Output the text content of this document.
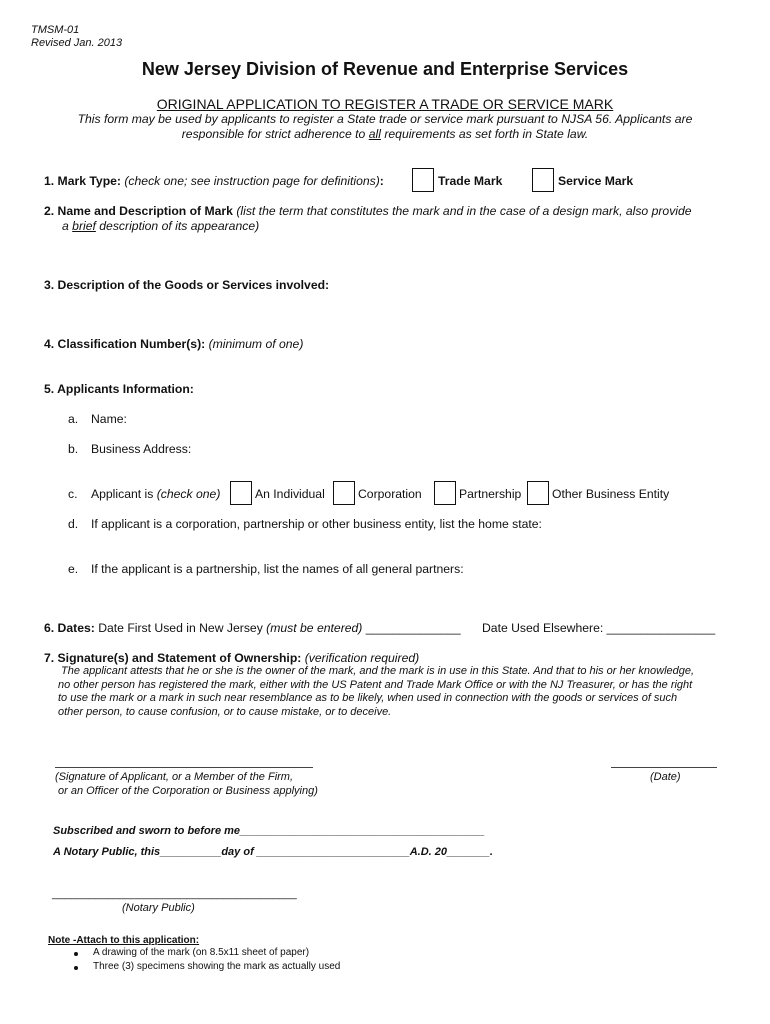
TMSM-01
Revised Jan. 2013
New Jersey Division of Revenue and Enterprise Services
ORIGINAL APPLICATION TO REGISTER A TRADE OR SERVICE MARK
This form may be used by applicants to register a State trade or service mark pursuant to NJSA 56. Applicants are
responsible for strict adherence to all requirements as set forth in State law.
1. Mark Type: (check one; see instruction page for definitions):	Trade Mark	Service Mark
2. Name and Description of Mark (list the term that constitutes the mark and in the case of a design mark, also provide
a brief description of its appearance)
3. Description of the Goods or Services involved:
4. Classification Number(s): (minimum of one)
5. Applicants Information:
a. Name:
b. Business Address:
c. Applicant is (check one)	An Individual	Corporation	Partnership	Other Business Entity
d. If applicant is a corporation, partnership or other business entity, list the home state:
e. If the applicant is a partnership, list the names of all general partners:
6. Dates: Date First Used in New Jersey (must be entered) ______________ Date Used Elsewhere: ________________
7. Signature(s) and Statement of Ownership: (verification required)
The applicant attests that he or she is the owner of the mark, and the mark is in use in this State. And that to his or her knowledge,
no other person has registered the mark, either with the US Patent and Trade Mark Office or with the NJ Treasurer, or has the right
to use the mark or a mark in such near resemblance as to be likely, when used in connection with the goods or services of such
other person, to cause confusion, or to cause mistake, or to deceive.
(Signature of Applicant, or a Member of the Firm,
or an Officer of the Corporation or Business applying)
(Date)
Subscribed and sworn to before me________________________________________
A Notary Public, this__________day of _________________________A.D. 20_______.
________________________________________
(Notary Public)
Note -Attach to this application:
A drawing of the mark (on 8.5x11 sheet of paper)
Three (3) specimens showing the mark as actually used
